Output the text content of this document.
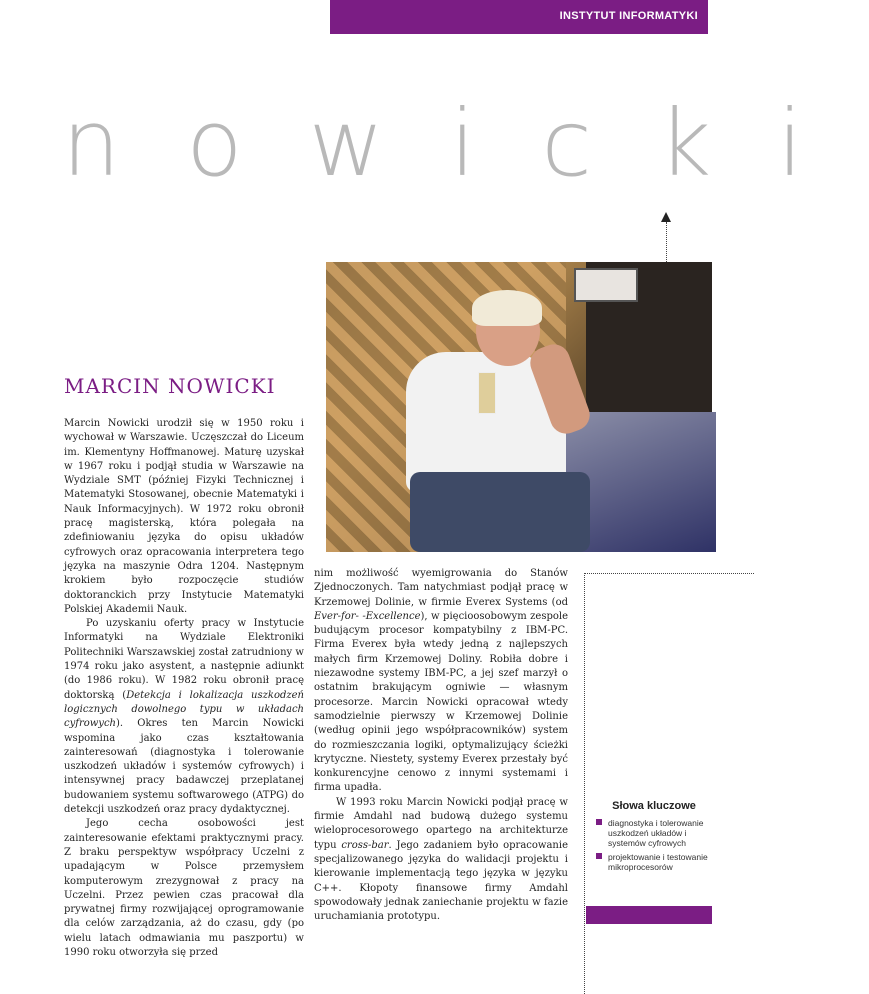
INSTYTUT INFORMATYKI
nowicki
MARCIN NOWICKI

Marcin Nowicki urodził się w 1950 roku i wychował w Warszawie. Uczęszczał do Liceum im. Klementyny Hoffmanowej. Maturę uzyskał w 1967 roku i podjął studia w Warszawie na Wydziale SMT (później Fizyki Technicznej i Matematyki Stosowanej, obecnie Matematyki i Nauk Informacyjnych). W 1972 roku obronił pracę magisterską, która polegała na zdefiniowaniu języka do opisu układów cyfrowych oraz opracowania interpretera tego języka na maszynie Odra 1204. Następnym krokiem było rozpoczęcie studiów doktoranckich przy Instytucie Matematyki Polskiej Akademii Nauk.

Po uzyskaniu oferty pracy w Instytucie Informatyki na Wydziale Elektroniki Politechniki Warszawskiej został zatrudniony w 1974 roku jako asystent, a następnie adiunkt (do 1986 roku). W 1982 roku obronił pracę doktorską (Detekcja i lokalizacja uszkodzeń logicznych dowolnego typu w układach cyfrowych). Okres ten Marcin Nowicki wspomina jako czas kształtowania zainteresowań (diagnostyka i tolerowanie uszkodzeń układów i systemów cyfrowych) i intensywnej pracy badawczej przeplatanej budowaniem systemu softwarowego (ATPG) do detekcji uszkodzeń oraz pracy dydaktycznej.

Jego cecha osobowości jest zainteresowanie efektami praktycznymi pracy. Z braku perspektyw współpracy Uczelni z upadającym w Polsce przemysłem komputerowym zrezygnował z pracy na Uczelni. Przez pewien czas pracował dla prywatnej firmy rozwijającej oprogramowanie dla celów zarządzania, aż do czasu, gdy (po wielu latach odmawiania mu paszportu) w 1990 roku otworzyła się przed

nim możliwość wyemigrowania do Stanów Zjednoczonych. Tam natychmiast podjął pracę w Krzemowej Dolinie, w firmie Everex Systems (od Ever-for- -Excellence), w pięcioosobowym zespole budującym procesor kompatybilny z IBM-PC. Firma Everex była wtedy jedną z najlepszych małych firm Krzemowej Doliny. Robiła dobre i niezawodne systemy IBM-PC, a jej szef marzył o ostatnim brakującym ogniwie — własnym procesorze. Marcin Nowicki opracował wtedy samodzielnie pierwszy w Krzemowej Dolinie (według opinii jego współpracowników) system do rozmieszczania logiki, optymalizujący ścieżki krytyczne. Niestety, systemy Everex przestały być konkurencyjne cenowo z innymi systemami i firma upadła.

W 1993 roku Marcin Nowicki podjął pracę w firmie Amdahl nad budową dużego systemu wieloprocesorowego opartego na architekturze typu cross-bar. Jego zadaniem było opracowanie specjalizowanego języka do walidacji projektu i kierowanie implementacją tego języka w języku C++. Kłopoty finansowe firmy Amdahl spowodowały jednak zaniechanie projektu w fazie uruchamiania prototypu.

Słowa kluczowe

diagnostyka i tolerowanie uszkodzeń układów i systemów cyfrowych
projektowanie i testowanie mikroprocesorów
